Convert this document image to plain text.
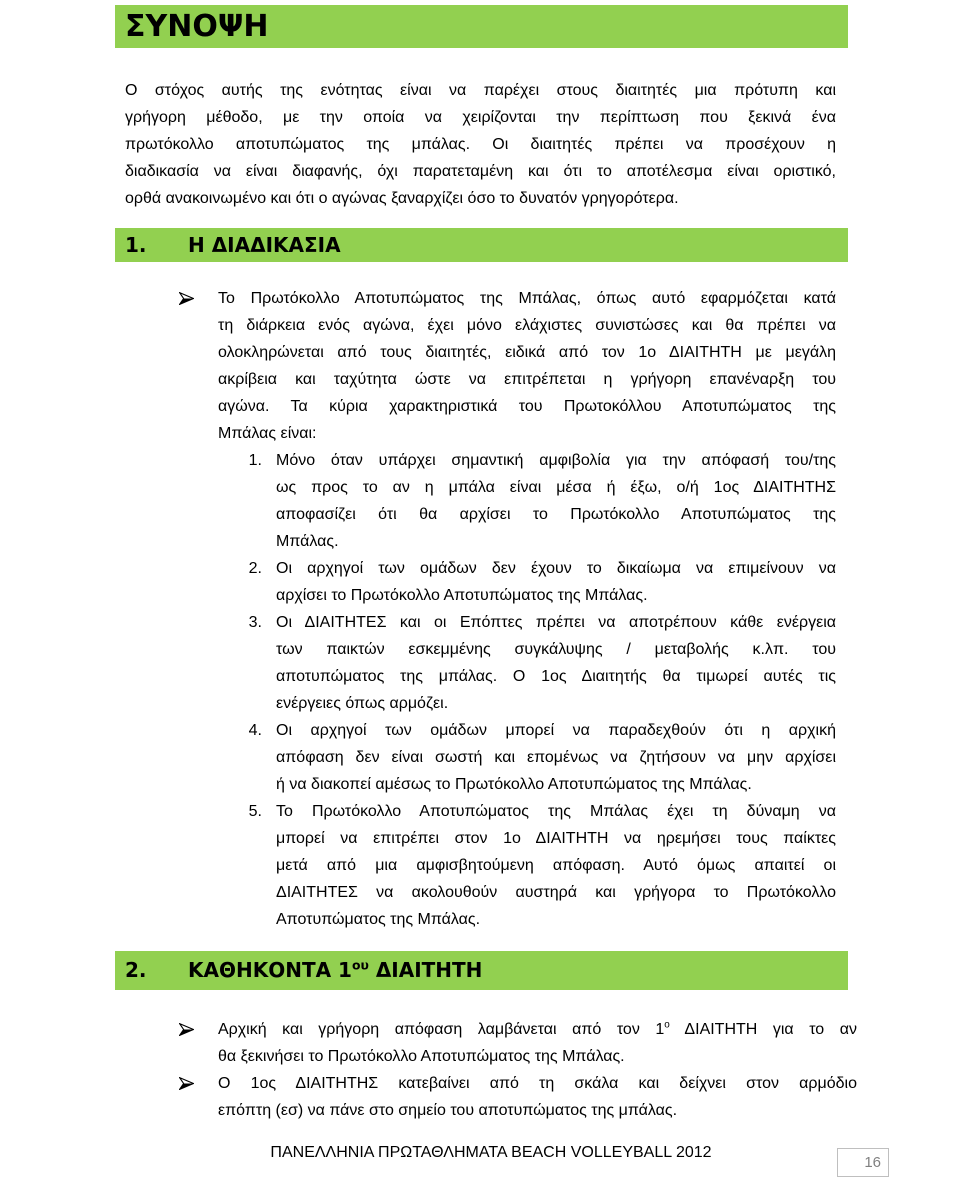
ΣΥΝΟΨΗ
Ο στόχος αυτής της ενότητας είναι να παρέχει στους διαιτητές μια πρότυπη και
γρήγορη μέθοδο, με την οποία να χειρίζονται την περίπτωση που ξεκινά ένα
πρωτόκολλο αποτυπώματος της μπάλας. Οι διαιτητές πρέπει να προσέχουν η
διαδικασία να είναι διαφανής, όχι παρατεταμένη και ότι το αποτέλεσμα είναι οριστικό,
ορθά ανακοινωμένο και ότι ο αγώνας ξαναρχίζει όσο το δυνατόν γρηγορότερα.
1. Η ΔΙΑΔΙΚΑΣΙΑ
Το Πρωτόκολλο Αποτυπώματος της Μπάλας, όπως αυτό εφαρμόζεται κατά
τη διάρκεια ενός αγώνα, έχει μόνο ελάχιστες συνιστώσες και θα πρέπει να
ολοκληρώνεται από τους διαιτητές, ειδικά από τον 1ο ΔΙΑΙΤΗΤΗ με μεγάλη
ακρίβεια και ταχύτητα ώστε να επιτρέπεται η γρήγορη επανέναρξη του
αγώνα. Τα κύρια χαρακτηριστικά του Πρωτοκόλλου Αποτυπώματος της
Μπάλας είναι:
1. Μόνο όταν υπάρχει σημαντική αμφιβολία για την απόφασή του/της
ως προς το αν η μπάλα είναι μέσα ή έξω, ο/ή 1ος ΔΙΑΙΤΗΤΗΣ
αποφασίζει ότι θα αρχίσει το Πρωτόκολλο Αποτυπώματος της
Μπάλας.
2. Οι αρχηγοί των ομάδων δεν έχουν το δικαίωμα να επιμείνουν να
αρχίσει το Πρωτόκολλο Αποτυπώματος της Μπάλας.
3. Οι ΔΙΑΙΤΗΤΕΣ και οι Επόπτες πρέπει να αποτρέπουν κάθε ενέργεια
των παικτών εσκεμμένης συγκάλυψης / μεταβολής κ.λπ. του
αποτυπώματος της μπάλας. Ο 1ος Διαιτητής θα τιμωρεί αυτές τις
ενέργειες όπως αρμόζει.
4. Οι αρχηγοί των ομάδων μπορεί να παραδεχθούν ότι η αρχική
απόφαση δεν είναι σωστή και επομένως να ζητήσουν να μην αρχίσει
ή να διακοπεί αμέσως το Πρωτόκολλο Αποτυπώματος της Μπάλας.
5. Το Πρωτόκολλο Αποτυπώματος της Μπάλας έχει τη δύναμη να
μπορεί να επιτρέπει στον 1ο ΔΙΑΙΤΗΤΗ να ηρεμήσει τους παίκτες
μετά από μια αμφισβητούμενη απόφαση. Αυτό όμως απαιτεί οι
ΔΙΑΙΤΗΤΕΣ να ακολουθούν αυστηρά και γρήγορα το Πρωτόκολλο
Αποτυπώματος της Μπάλας.
2. ΚΑΘΗΚΟΝΤΑ $1^{o\upsilon}$ ΔΙΑΙΤΗΤΗ
Αρχική και γρήγορη απόφαση λαμβάνεται από τον $1^o$ ΔΙΑΙΤΗΤΗ για το αν
θα ξεκινήσει το Πρωτόκολλο Αποτυπώματος της Μπάλας.
Ο 1ος ΔΙΑΙΤΗΤΗΣ κατεβαίνει από τη σκάλα και δείχνει στον αρμόδιο
επόπτη (εσ) να πάνε στο σημείο του αποτυπώματος της μπάλας.
ΠΑΝΕΛΛΗΝΙΑ ΠΡΩΤΑΘΛΗΜΑΤΑ BEACH VOLLEYBALL 2012
16
